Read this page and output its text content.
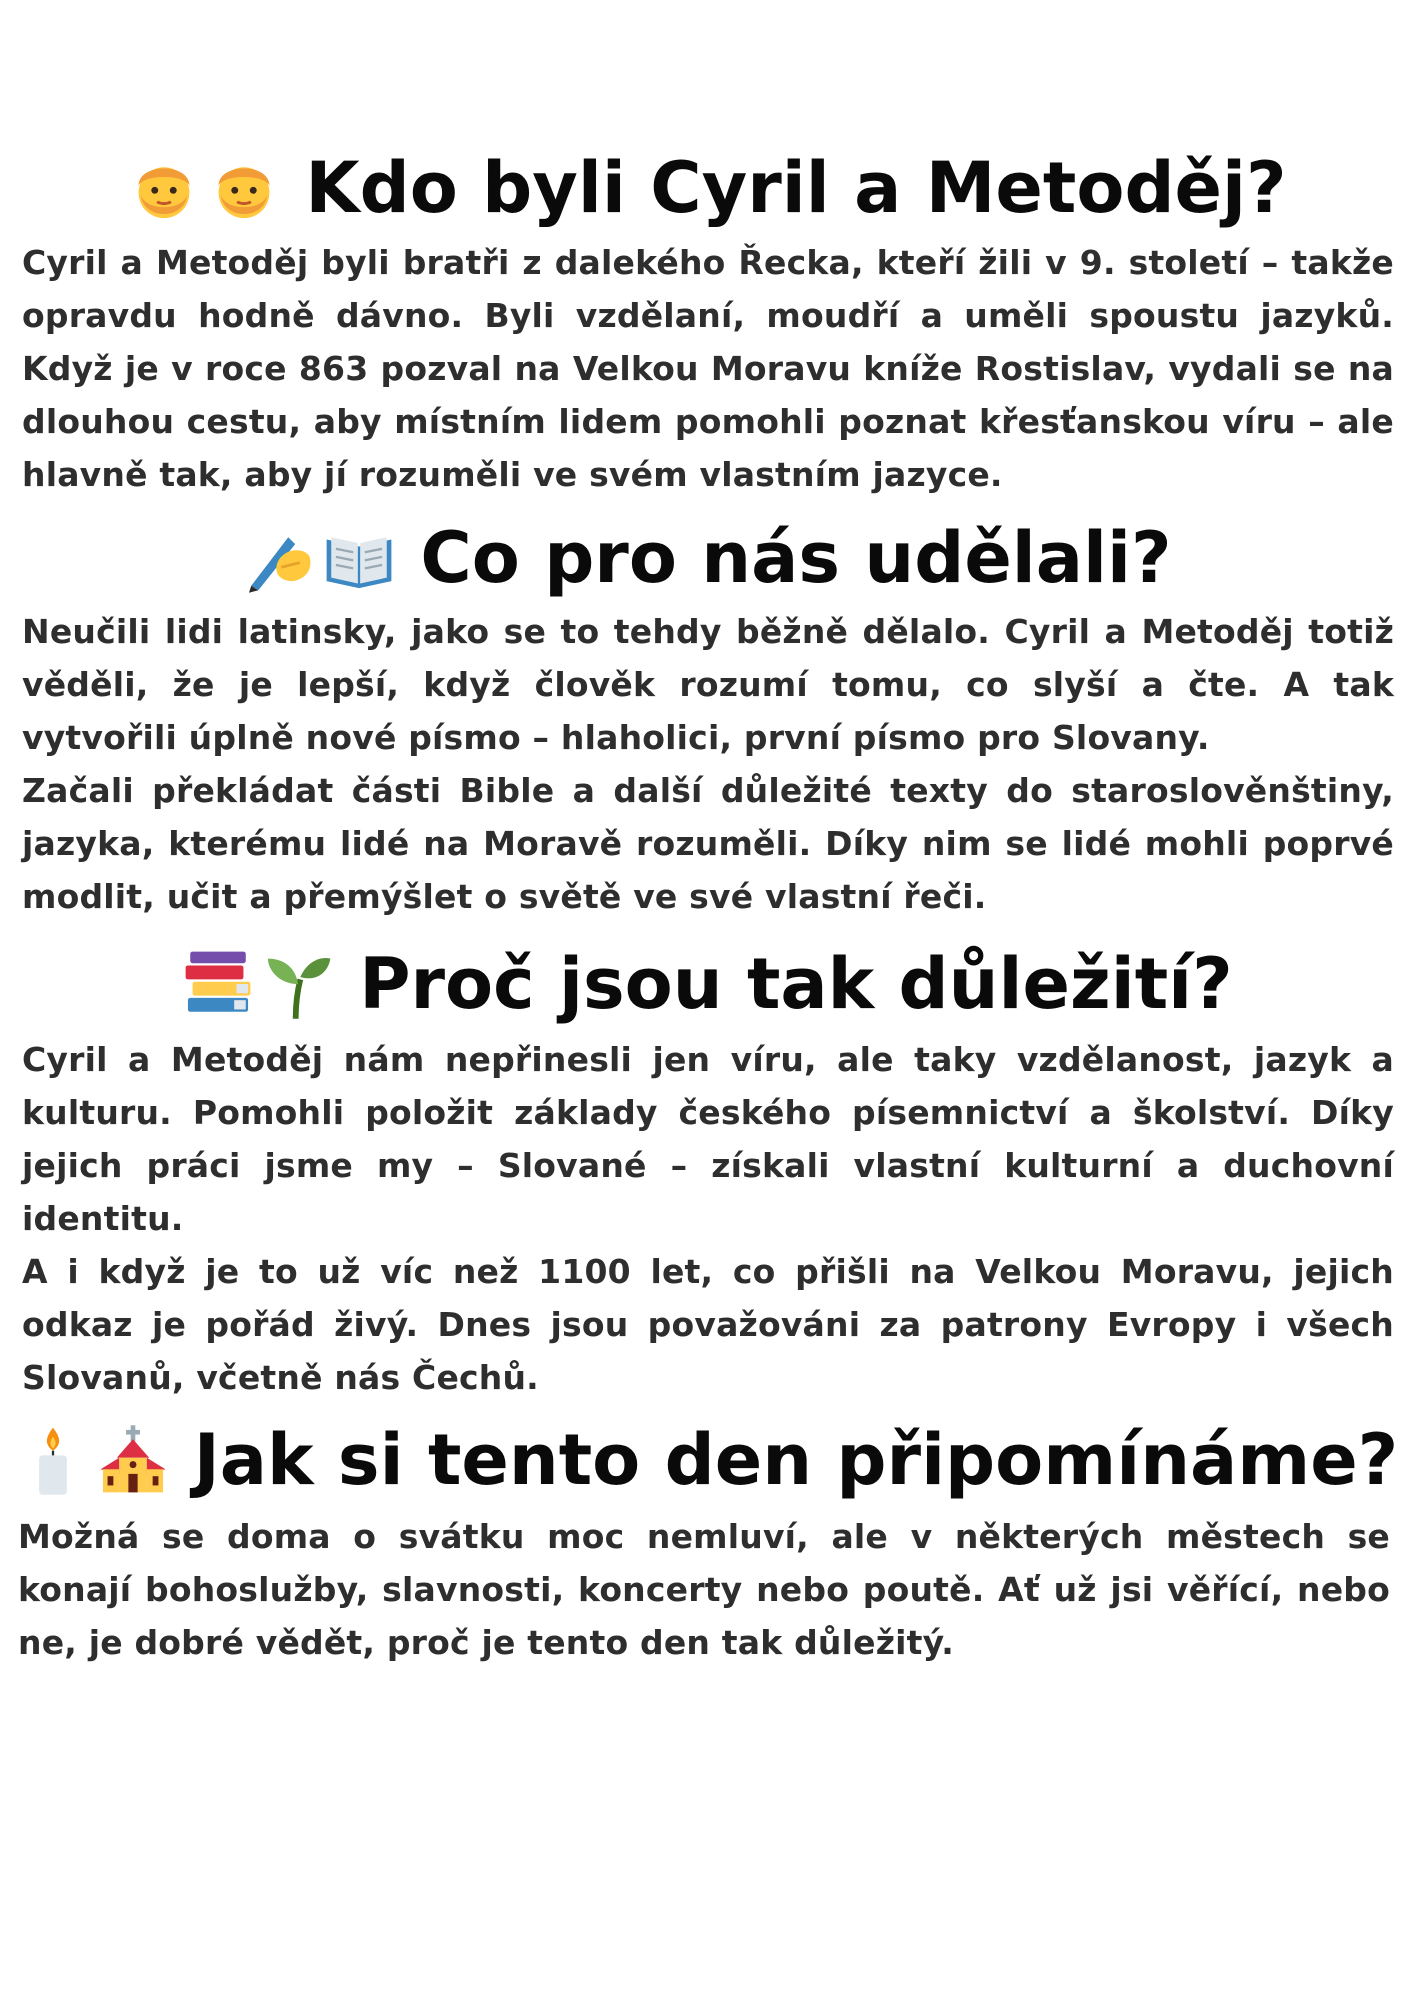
Kdo byli Cyril a Metoděj?

Cyril a Metoděj byli bratři z dalekého Řecka, kteří žili v 9. století – takže opravdu hodně dávno. Byli vzdělaní, moudří a uměli spoustu jazyků. Když je v roce 863 pozval na Velkou Moravu kníže Rostislav, vydali se na dlouhou cestu, aby místním lidem pomohli poznat křesťanskou víru – ale hlavně tak, aby jí rozuměli ve svém vlastním jazyce.

Co pro nás udělali?

Neučili lidi latinsky, jako se to tehdy běžně dělalo. Cyril a Metoděj totiž věděli, že je lepší, když člověk rozumí tomu, co slyší a čte. A tak vytvořili úplně nové písmo – hlaholici, první písmo pro Slovany.

Začali překládat části Bible a další důležité texty do staroslověnštiny, jazyka, kterému lidé na Moravě rozuměli. Díky nim se lidé mohli poprvé modlit, učit a přemýšlet o světě ve své vlastní řeči.

Proč jsou tak důležití?

Cyril a Metoděj nám nepřinesli jen víru, ale taky vzdělanost, jazyk a kulturu. Pomohli položit základy českého písemnictví a školství. Díky jejich práci jsme my – Slované – získali vlastní kulturní a duchovní identitu.

A i když je to už víc než 1100 let, co přišli na Velkou Moravu, jejich odkaz je pořád živý. Dnes jsou považováni za patrony Evropy i všech Slovanů, včetně nás Čechů.

Jak si tento den připomínáme?

Možná se doma o svátku moc nemluví, ale v některých městech se konají bohoslužby, slavnosti, koncerty nebo poutě. Ať už jsi věřící, nebo ne, je dobré vědět, proč je tento den tak důležitý.
